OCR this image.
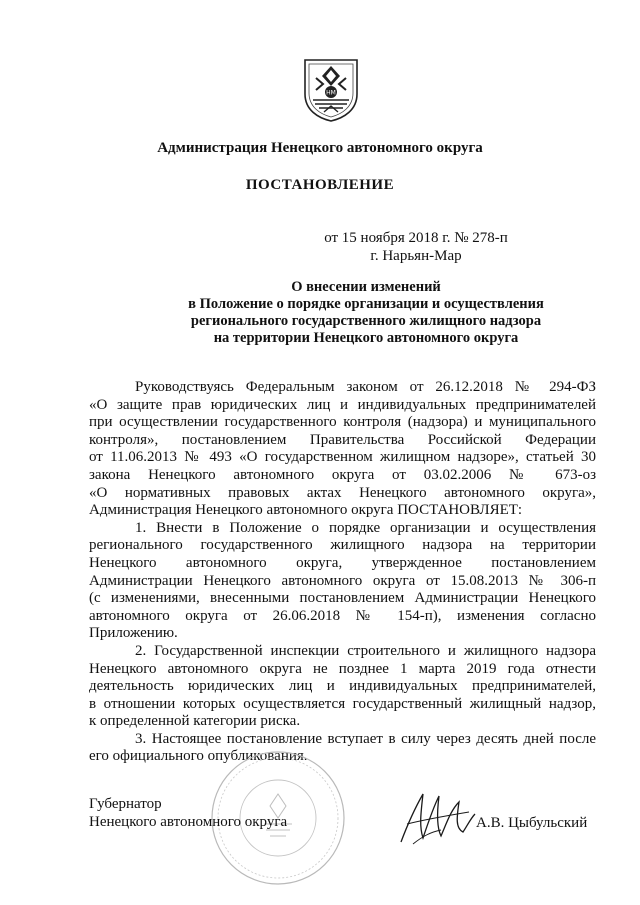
HM
Администрация Ненецкого автономного округа
ПОСТАНОВЛЕНИЕ
от 15 ноября 2018 г. № 278-п
г. Нарьян-Мар
О внесении изменений
в Положение о порядке организации и осуществления
регионального государственного жилищного надзора
на территории Ненецкого автономного округа

Руководствуясь Федеральным законом от 26.12.2018 № 294-ФЗ

«О защите прав юридических лиц и индивидуальных предпринимателей

при осуществлении государственного контроля (надзора) и муниципального

контроля», постановлением Правительства Российской Федерации

от 11.06.2013 № 493 «О государственном жилищном надзоре», статьей 30

закона Ненецкого автономного округа от 03.02.2006 № 673-оз

«О нормативных правовых актах Ненецкого автономного округа»,

Администрация Ненецкого автономного округа ПОСТАНОВЛЯЕТ:

1. Внести в Положение о порядке организации и осуществления

регионального государственного жилищного надзора на территории

Ненецкого автономного округа, утвержденное постановлением

Администрации Ненецкого автономного округа от 15.08.2013 № 306-п

(с изменениями, внесенными постановлением Администрации Ненецкого

автономного округа от 26.06.2018 № 154-п), изменения согласно

Приложению.

2. Государственной инспекции строительного и жилищного надзора

Ненецкого автономного округа не позднее 1 марта 2019 года отнести

деятельность юридических лиц и индивидуальных предпринимателей,

в отношении которых осуществляется государственный жилищный надзор,

к определенной категории риска.

3. Настоящее постановление вступает в силу через десять дней после

его официального опубликования.

Губернатор
Ненецкого автономного округа	А.В. Цыбульский
